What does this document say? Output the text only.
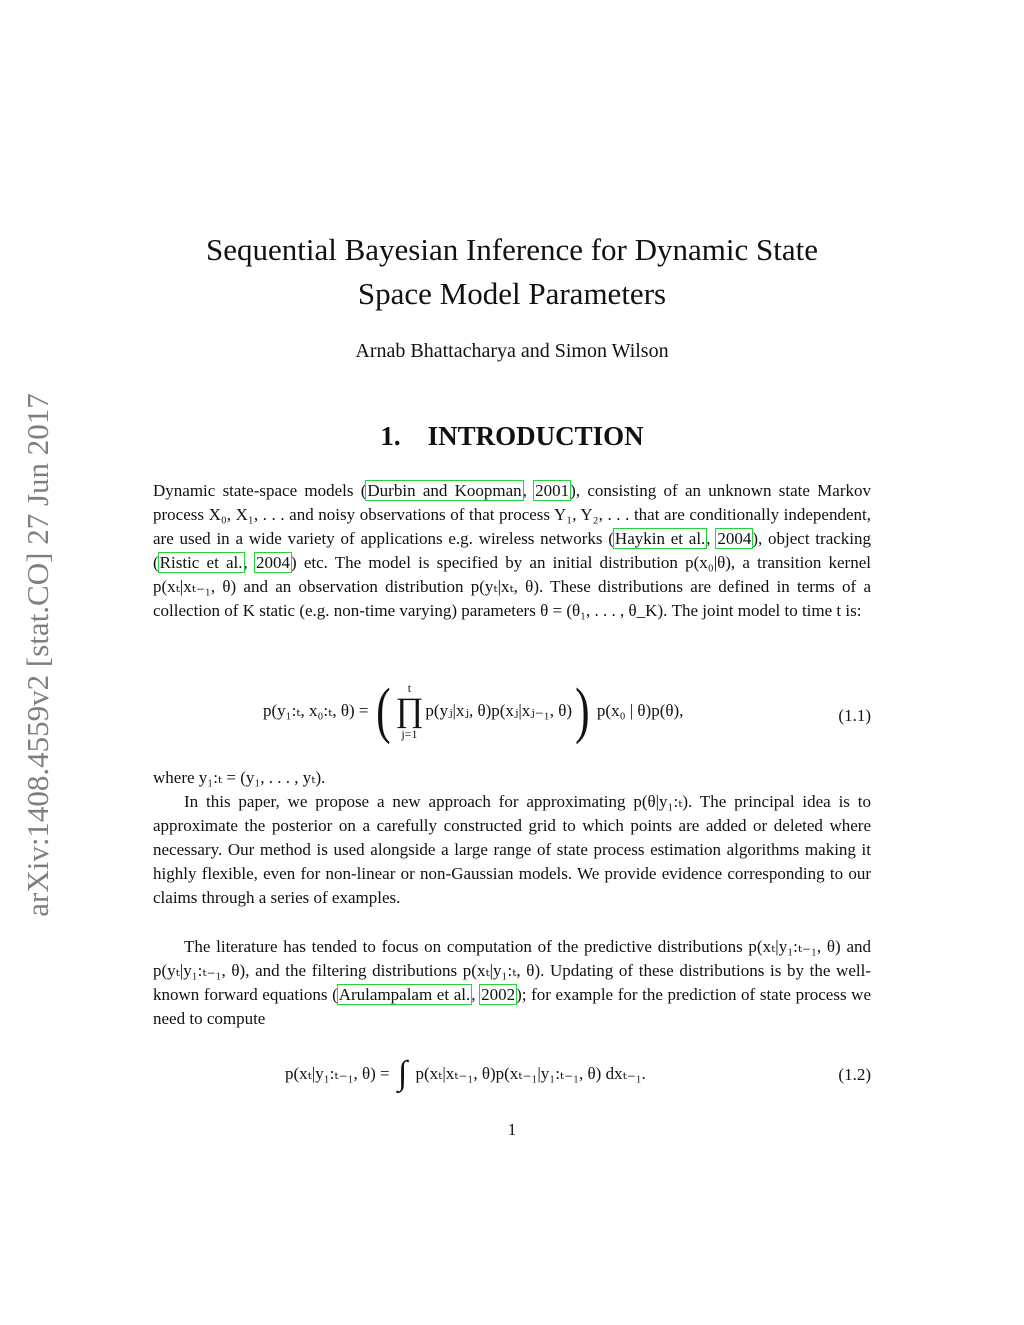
arXiv:1408.4559v2 [stat.CO] 27 Jun 2017
Sequential Bayesian Inference for Dynamic State
Space Model Parameters
Arnab Bhattacharya and Simon Wilson
1. INTRODUCTION

Dynamic state-space models (Durbin and Koopman, 2001), consisting of an unknown state Markov process X₀, X₁, . . . and noisy observations of that process Y₁, Y₂, . . . that are conditionally independent, are used in a wide variety of applications e.g. wireless networks (Haykin et al., 2004), object tracking (Ristic et al., 2004) etc. The model is specified by an initial distribution p(x₀|θ), a transition kernel p(xₜ|xₜ₋₁, θ) and an observation distribution p(yₜ|xₜ, θ). These distributions are defined in terms of a collection of K static (e.g. non-time varying) parameters θ = (θ₁, . . . , θ_K). The joint model to time t is:

p(y₁:ₜ, x₀:ₜ, θ) = (	t
∏
j=1
p(yⱼ|xⱼ, θ)p(xⱼ|xⱼ₋₁, θ)) p(x₀ | θ)p(θ),	(1.1)
where y₁:ₜ = (y₁, . . . , yₜ).

In this paper, we propose a new approach for approximating p(θ|y₁:ₜ). The principal idea is to approximate the posterior on a carefully constructed grid to which points are added or deleted where necessary. Our method is used alongside a large range of state process estimation algorithms making it highly flexible, even for non-linear or non-Gaussian models. We provide evidence corresponding to our claims through a series of examples.

The literature has tended to focus on computation of the predictive distributions p(xₜ|y₁:ₜ₋₁, θ) and p(yₜ|y₁:ₜ₋₁, θ), and the filtering distributions p(xₜ|y₁:ₜ, θ). Updating of these distributions is by the well-known forward equations (Arulampalam et al., 2002); for example for the prediction of state process we need to compute

p(xₜ|y₁:ₜ₋₁, θ) = ∫ p(xₜ|xₜ₋₁, θ)p(xₜ₋₁|y₁:ₜ₋₁, θ) dxₜ₋₁.	(1.2)
1
